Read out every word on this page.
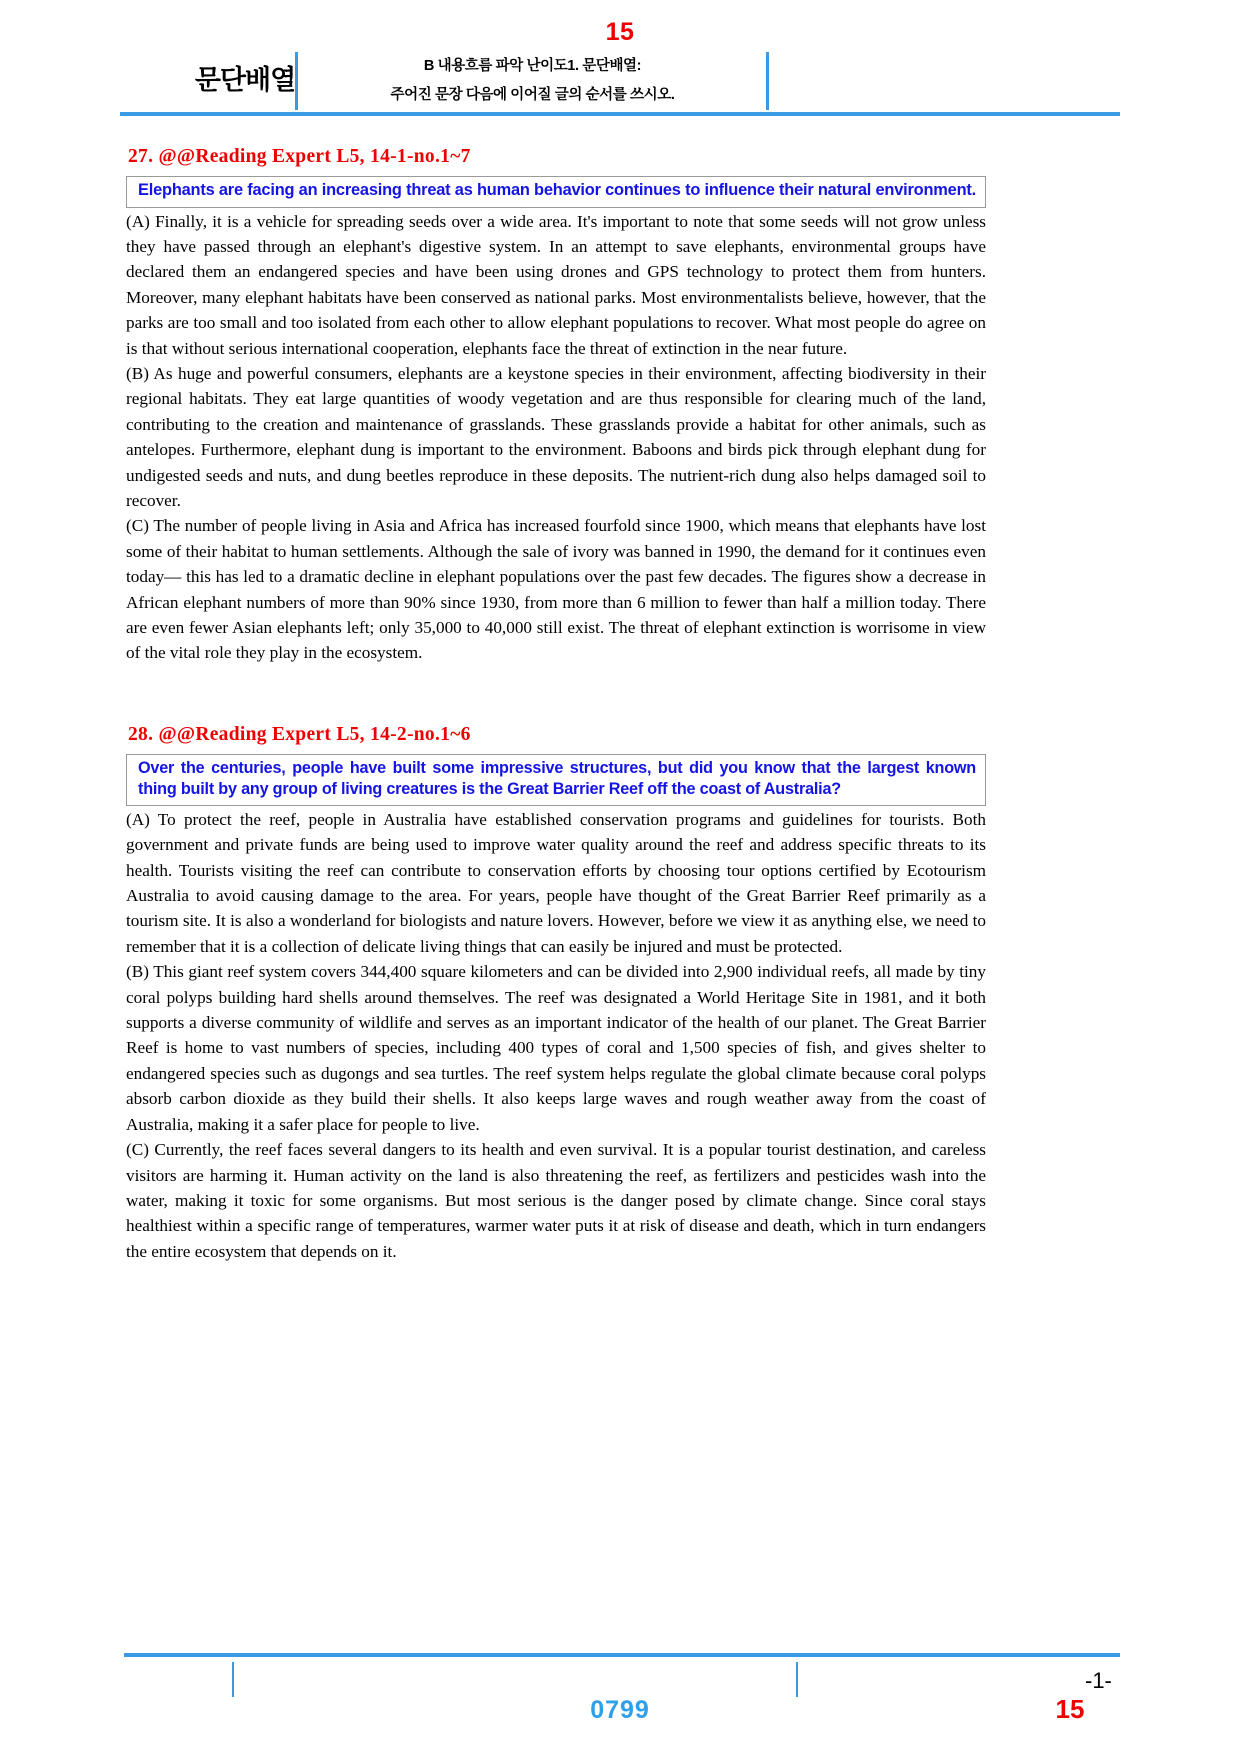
15
문단배열	B 내용흐름 파악 난이도1. 문단배열:
주어진 문장 다음에 이어질 글의 순서를 쓰시오.
27. @@Reading Expert L5, 14-1-no.1~7
Elephants are facing an increasing threat as human behavior continues to influence their natural environment.

(A) Finally, it is a vehicle for spreading seeds over a wide area. It's important to note that some seeds will not grow unless they have passed through an elephant's digestive system. In an attempt to save elephants, environmental groups have declared them an endangered species and have been using drones and GPS technology to protect them from hunters. Moreover, many elephant habitats have been conserved as national parks. Most environmentalists believe, however, that the parks are too small and too isolated from each other to allow elephant populations to recover. What most people do agree on is that without serious international cooperation, elephants face the threat of extinction in the near future.

(B) As huge and powerful consumers, elephants are a keystone species in their environment, affecting biodiversity in their regional habitats. They eat large quantities of woody vegetation and are thus responsible for clearing much of the land, contributing to the creation and maintenance of grasslands. These grasslands provide a habitat for other animals, such as antelopes. Furthermore, elephant dung is important to the environment. Baboons and birds pick through elephant dung for undigested seeds and nuts, and dung beetles reproduce in these deposits. The nutrient-rich dung also helps damaged soil to recover.

(C) The number of people living in Asia and Africa has increased fourfold since 1900, which means that elephants have lost some of their habitat to human settlements. Although the sale of ivory was banned in 1990, the demand for it continues even today— this has led to a dramatic decline in elephant populations over the past few decades. The figures show a decrease in African elephant numbers of more than 90% since 1930, from more than 6 million to fewer than half a million today. There are even fewer Asian elephants left; only 35,000 to 40,000 still exist. The threat of elephant extinction is worrisome in view of the vital role they play in the ecosystem.

28. @@Reading Expert L5, 14-2-no.1~6
Over the centuries, people have built some impressive structures, but did you know that the largest known thing built by any group of living creatures is the Great Barrier Reef off the coast of Australia?

(A) To protect the reef, people in Australia have established conservation programs and guidelines for tourists. Both government and private funds are being used to improve water quality around the reef and address specific threats to its health. Tourists visiting the reef can contribute to conservation efforts by choosing tour options certified by Ecotourism Australia to avoid causing damage to the area. For years, people have thought of the Great Barrier Reef primarily as a tourism site. It is also a wonderland for biologists and nature lovers. However, before we view it as anything else, we need to remember that it is a collection of delicate living things that can easily be injured and must be protected.

(B) This giant reef system covers 344,400 square kilometers and can be divided into 2,900 individual reefs, all made by tiny coral polyps building hard shells around themselves. The reef was designated a World Heritage Site in 1981, and it both supports a diverse community of wildlife and serves as an important indicator of the health of our planet. The Great Barrier Reef is home to vast numbers of species, including 400 types of coral and 1,500 species of fish, and gives shelter to endangered species such as dugongs and sea turtles. The reef system helps regulate the global climate because coral polyps absorb carbon dioxide as they build their shells. It also keeps large waves and rough weather away from the coast of Australia, making it a safer place for people to live.

(C) Currently, the reef faces several dangers to its health and even survival. It is a popular tourist destination, and careless visitors are harming it. Human activity on the land is also threatening the reef, as fertilizers and pesticides wash into the water, making it toxic for some organisms. But most serious is the danger posed by climate change. Since coral stays healthiest within a specific range of temperatures, warmer water puts it at risk of disease and death, which in turn endangers the entire ecosystem that depends on it.

-1-
0799	15
